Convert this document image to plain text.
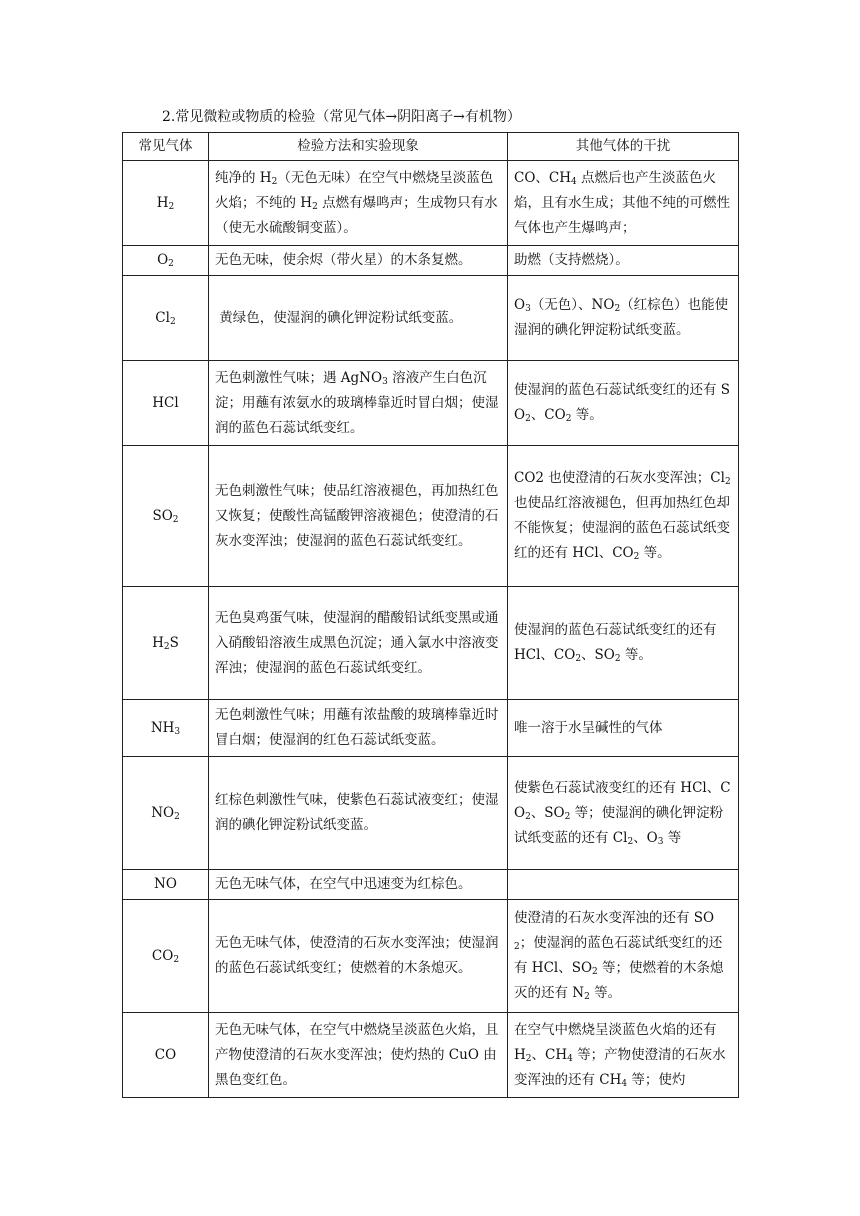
2.常见微粒或物质的检验（常见气体→阴阳离子→有机物）
常见气体	检验方法和实验现象	其他气体的干扰
$H_2$	纯净的 $H_2$（无色无味）在空气中燃烧呈淡蓝色火焰；不纯的 $H_2$ 点燃有爆鸣声；生成物只有水（使无水硫酸铜变蓝）。	CO、$CH_4$ 点燃后也产生淡蓝色火焰，且有水生成；其他不纯的可燃性气体也产生爆鸣声；
$O_2$	无色无味，使余烬（带火星）的木条复燃。	助燃（支持燃烧）。
$Cl_2$	黄绿色，使湿润的碘化钾淀粉试纸变蓝。	$O_3$（无色）、$NO_2$（红棕色）也能使湿润的碘化钾淀粉试纸变蓝。
HCl	无色刺激性气味；遇 AgNO$_3$ 溶液产生白色沉淀；用蘸有浓氨水的玻璃棒靠近时冒白烟；使湿润的蓝色石蕊试纸变红。	使湿润的蓝色石蕊试纸变红的还有 $SO_2$、$CO_2$ 等。
$SO_2$	无色刺激性气味；使品红溶液褪色，再加热红色又恢复；使酸性高锰酸钾溶液褪色；使澄清的石灰水变浑浊；使湿润的蓝色石蕊试纸变红。	CO2 也使澄清的石灰水变浑浊；$Cl_2$ 也使品红溶液褪色，但再加热红色却不能恢复；使湿润的蓝色石蕊试纸变红的还有 HCl、$CO_2$ 等。
$H_2S$	无色臭鸡蛋气味，使湿润的醋酸铅试纸变黑或通入硝酸铅溶液生成黑色沉淀；通入氯水中溶液变浑浊；使湿润的蓝色石蕊试纸变红。	使湿润的蓝色石蕊试纸变红的还有 HCl、$CO_2$、$SO_2$ 等。
$NH_3$	无色刺激性气味；用蘸有浓盐酸的玻璃棒靠近时冒白烟；使湿润的红色石蕊试纸变蓝。	唯一溶于水呈碱性的气体
$NO_2$	红棕色刺激性气味，使紫色石蕊试液变红；使湿润的碘化钾淀粉试纸变蓝。	使紫色石蕊试液变红的还有 HCl、$CO_2$、$SO_2$ 等；使湿润的碘化钾淀粉试纸变蓝的还有 $Cl_2$、$O_3$ 等
NO	无色无味气体，在空气中迅速变为红棕色。	
$CO_2$	无色无味气体，使澄清的石灰水变浑浊；使湿润的蓝色石蕊试纸变红；使燃着的木条熄灭。	使澄清的石灰水变浑浊的还有 $SO_2$；使湿润的蓝色石蕊试纸变红的还有 HCl、$SO_2$ 等；使燃着的木条熄灭的还有 $N_2$ 等。
CO	无色无味气体，在空气中燃烧呈淡蓝色火焰，且产物使澄清的石灰水变浑浊；使灼热的 CuO 由黑色变红色。	在空气中燃烧呈淡蓝色火焰的还有 $H_2$、$CH_4$ 等；产物使澄清的石灰水变浑浊的还有 $CH_4$ 等；使灼
